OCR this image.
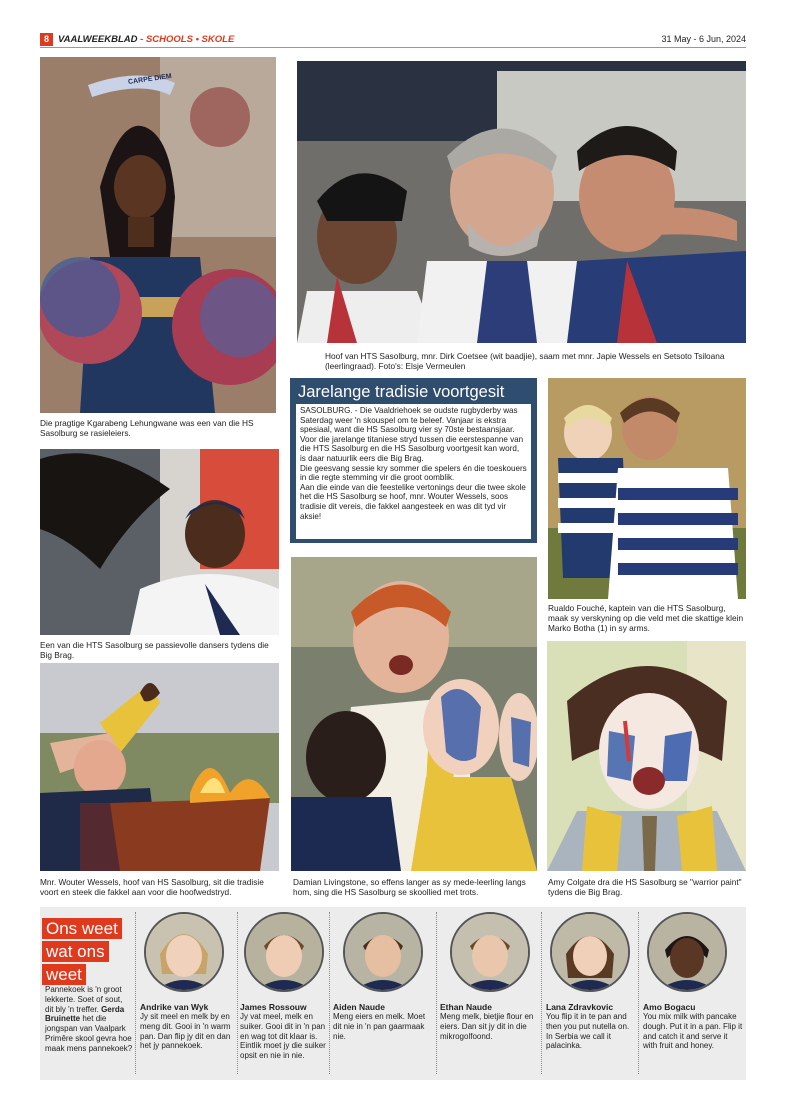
8 VAALWEEKBLAD - SCHOOLS • SKOLE	31 May - 6 Jun, 2024
CARPE DIEM
Die pragtige Kgarabeng Lehungwane was een van die HS Sasolburg se rasieleiers.
Hoof van HTS Sasolburg, mnr. Dirk Coetsee (wit baadjie), saam met mnr. Japie Wessels en Setsoto Tsiloana (leerlingraad). Foto's: Elsje Vermeulen
Jarelange tradisie voortgesit

SASOLBURG. - Die Vaaldriehoek se oudste rugbyderby was Saterdag weer 'n skouspel om te beleef. Vanjaar is ekstra spesiaal, want die HS Sasolburg vier sy 70ste bestaansjaar.

Voor die jarelange titaniese stryd tussen die eerstespanne van die HTS Sasolburg en die HS Sasolburg voortgesit kan word, is daar natuurlik eers die Big Brag.

Die geesvang sessie kry sommer die spelers én die toeskouers in die regte stemming vir die groot oomblik.

Aan die einde van die feestelike vertonings deur die twee skole het die HS Sasolburg se hoof, mnr. Wouter Wessels, soos tradisie dit vereis, die fakkel aangesteek en was dit tyd vir aksie!

Een van die HTS Sasolburg se passievolle dansers tydens die Big Brag.
Rualdo Fouché, kaptein van die HTS Sasolburg, maak sy verskyning op die veld met die skattige klein Marko Botha (1) in sy arms.
Damian Livingstone, so effens langer as sy mede-leerling langs hom, sing die HS Sasolburg se skoollied met trots.
Mnr. Wouter Wessels, hoof van HS Sasolburg, sit die tradisie voort en steek die fakkel aan voor die hoofwedstryd.
Amy Colgate dra die HS Sasolburg se "warrior paint" tydens die Big Brag.
Ons weet
wat ons
weet
Pannekoek is 'n groot lekkerte. Soet of sout, dit bly 'n treffer. Gerda Bruinette het die jongspan van Vaalpark Primêre skool gevra hoe maak mens pannekoek?
Andrike van Wyk
Jy sit meel en melk by en meng dit. Gooi in 'n warm pan. Dan flip jy dit en dan het jy pannekoek.
James Rossouw
Jy vat meel, melk en suiker. Gooi dit in 'n pan en wag tot dit klaar is. Eintlik moet jy die suiker opsit en nie in nie.
Aiden Naude
Meng eiers en melk. Moet dit nie in 'n pan gaarmaak nie.
Ethan Naude
Meng melk, bietjie flour en eiers. Dan sit jy dit in die mikrogolfoond.
Lana Zdravkovic
You flip it in te pan and then you put nutella on. In Serbia we call it palacinka.
Amo Bogacu
You mix milk with pancake dough. Put it in a pan. Flip it and catch it and serve it with fruit and honey.
